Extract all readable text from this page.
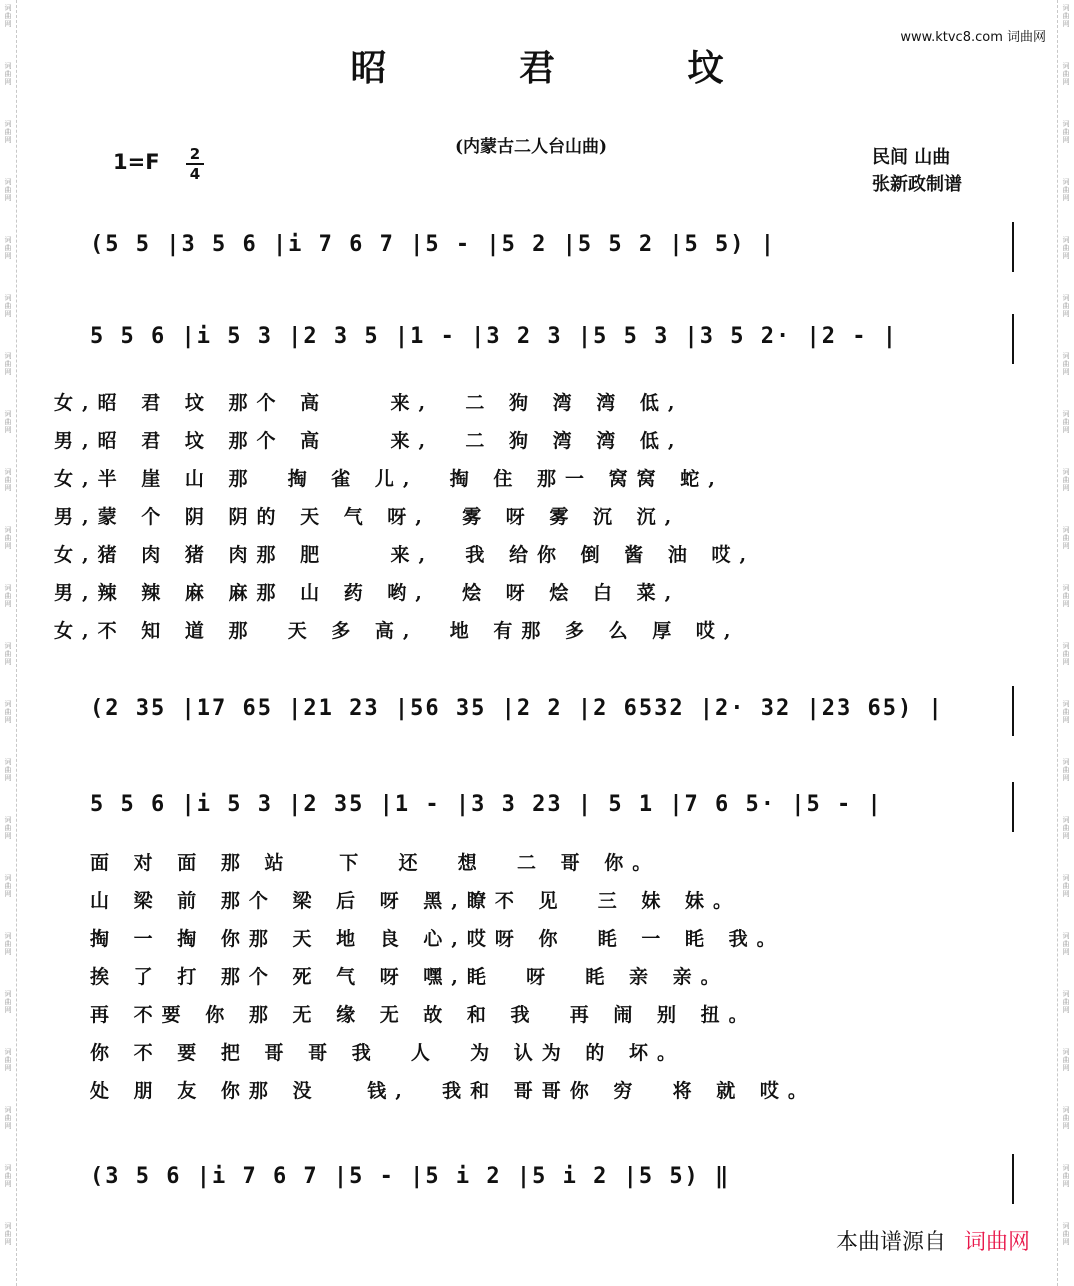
词
曲
网
词
曲
网
词
曲
网
词
曲
网
词
曲
网
词
曲
网
词
曲
网
词
曲
网
词
曲
网
词
曲
网
词
曲
网
词
曲
网
词
曲
网
词
曲
网
词
曲
网
词
曲
网
词
曲
网
词
曲
网
词
曲
网
词
曲
网
词
曲
网
词
曲
网
词
曲
网
词
曲
网
词
曲
网
词
曲
网
词
曲
网
词
曲
网
词
曲
网
词
曲
网
词
曲
网
词
曲
网
词
曲
网
词
曲
网
词
曲
网
词
曲
网
词
曲
网
词
曲
网
词
曲
网
词
曲
网
词
曲
网
词
曲
网
词
曲
网
词
曲
网
www.ktvc8.com 词曲网
昭 君 坟
(内蒙古二人台山曲)
1=F 2
4
民间 山曲
张新政制谱
(5 5 |3 5 6 |i 7 6 7 |5 - |5 2 |5 5 2 |5 5) |
5 5 6 |i 5 3 |2 3 5 |1 - |3 2 3 |5 5 3 |3 5 2· |2 - |
女,昭 君 坟 那个 高    来,  二 狗 湾 湾 低,
男,昭 君 坟 那个 高    来,  二 狗 湾 湾 低,
女,半 崖 山 那  掏 雀 儿,  掏 住 那一 窝窝 蛇,
男,蒙 个 阴 阴的 天 气 呀,  雾 呀 雾 沉 沉,
女,猪 肉 猪 肉那 肥    来,  我 给你 倒 酱 油 哎,
男,辣 辣 麻 麻那 山 药 哟,  烩 呀 烩 白 菜,
女,不 知 道 那  天 多 高,  地 有那 多 么 厚 哎,
(2 35 |17 65 |21 23 |56 35 |2 2 |2 6532 |2· 32 |23 65) |
5 5 6 |i 5 3 |2 35 |1 - |3 3 23 | 5 1 |7 6 5· |5 - |
面 对 面 那 站   下  还  想  二 哥 你。
山 梁 前 那个 梁 后 呀 黑,瞭不 见  三 妹 妹。
掏 一 掏 你那 天 地 良 心,哎呀 你  眊 一 眊 我。
挨 了 打 那个 死 气 呀 嘿,眊  呀  眊 亲 亲。
再 不要 你 那 无 缘 无 故 和 我  再 闹 别 扭。
你 不 要 把 哥 哥 我  人  为 认为 的 坏。
处 朋 友 你那 没   钱,  我和 哥哥你 穷  将 就 哎。
(3 5 6 |i 7 6 7 |5 - |5 i 2 |5 i 2 |5 5) ‖

本曲谱源自 词曲网
